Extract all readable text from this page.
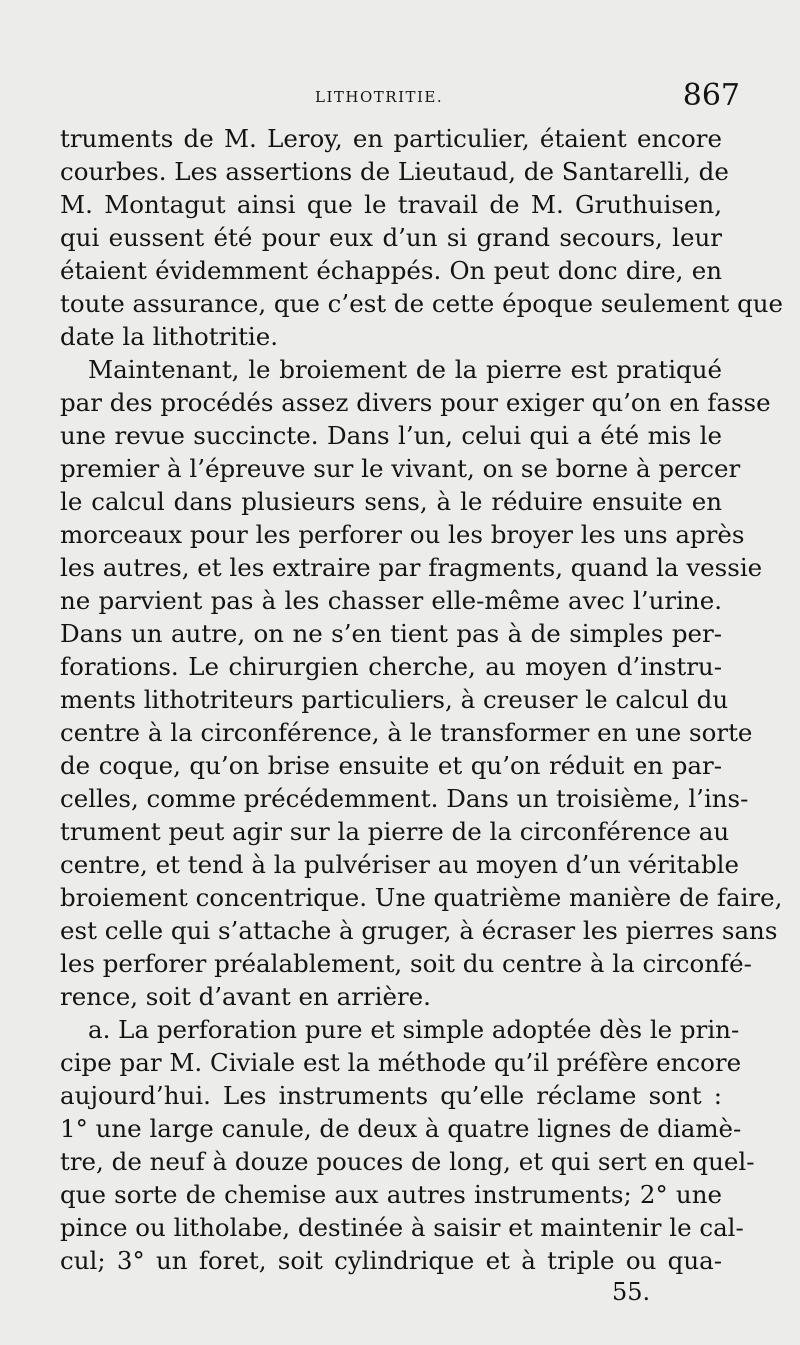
LITHOTRITIE.	867
truments de M. Leroy, en particulier, étaient encore
courbes. Les assertions de Lieutaud, de Santarelli, de
M. Montagut ainsi que le travail de M. Gruthuisen,
qui eussent été pour eux d’un si grand secours, leur
étaient évidemment échappés. On peut donc dire, en
toute assurance, que c’est de cette époque seulement que
date la lithotritie.
Maintenant, le broiement de la pierre est pratiqué
par des procédés assez divers pour exiger qu’on en fasse
une revue succincte. Dans l’un, celui qui a été mis le
premier à l’épreuve sur le vivant, on se borne à percer
le calcul dans plusieurs sens, à le réduire ensuite en
morceaux pour les perforer ou les broyer les uns après
les autres, et les extraire par fragments, quand la vessie
ne parvient pas à les chasser elle-même avec l’urine.
Dans un autre, on ne s’en tient pas à de simples per-
forations. Le chirurgien cherche, au moyen d’instru-
ments lithotriteurs particuliers, à creuser le calcul du
centre à la circonférence, à le transformer en une sorte
de coque, qu’on brise ensuite et qu’on réduit en par-
celles, comme précédemment. Dans un troisième, l’ins-
trument peut agir sur la pierre de la circonférence au
centre, et tend à la pulvériser au moyen d’un véritable
broiement concentrique. Une quatrième manière de faire,
est celle qui s’attache à gruger, à écraser les pierres sans
les perforer préalablement, soit du centre à la circonfé-
rence, soit d’avant en arrière.
a. La perforation pure et simple adoptée dès le prin-
cipe par M. Civiale est la méthode qu’il préfère encore
aujourd’hui. Les instruments qu’elle réclame sont :
1° une large canule, de deux à quatre lignes de diamè-
tre, de neuf à douze pouces de long, et qui sert en quel-
que sorte de chemise aux autres instruments; 2° une
pince ou litholabe, destinée à saisir et maintenir le cal-
cul; 3° un foret, soit cylindrique et à triple ou qua-
55.
